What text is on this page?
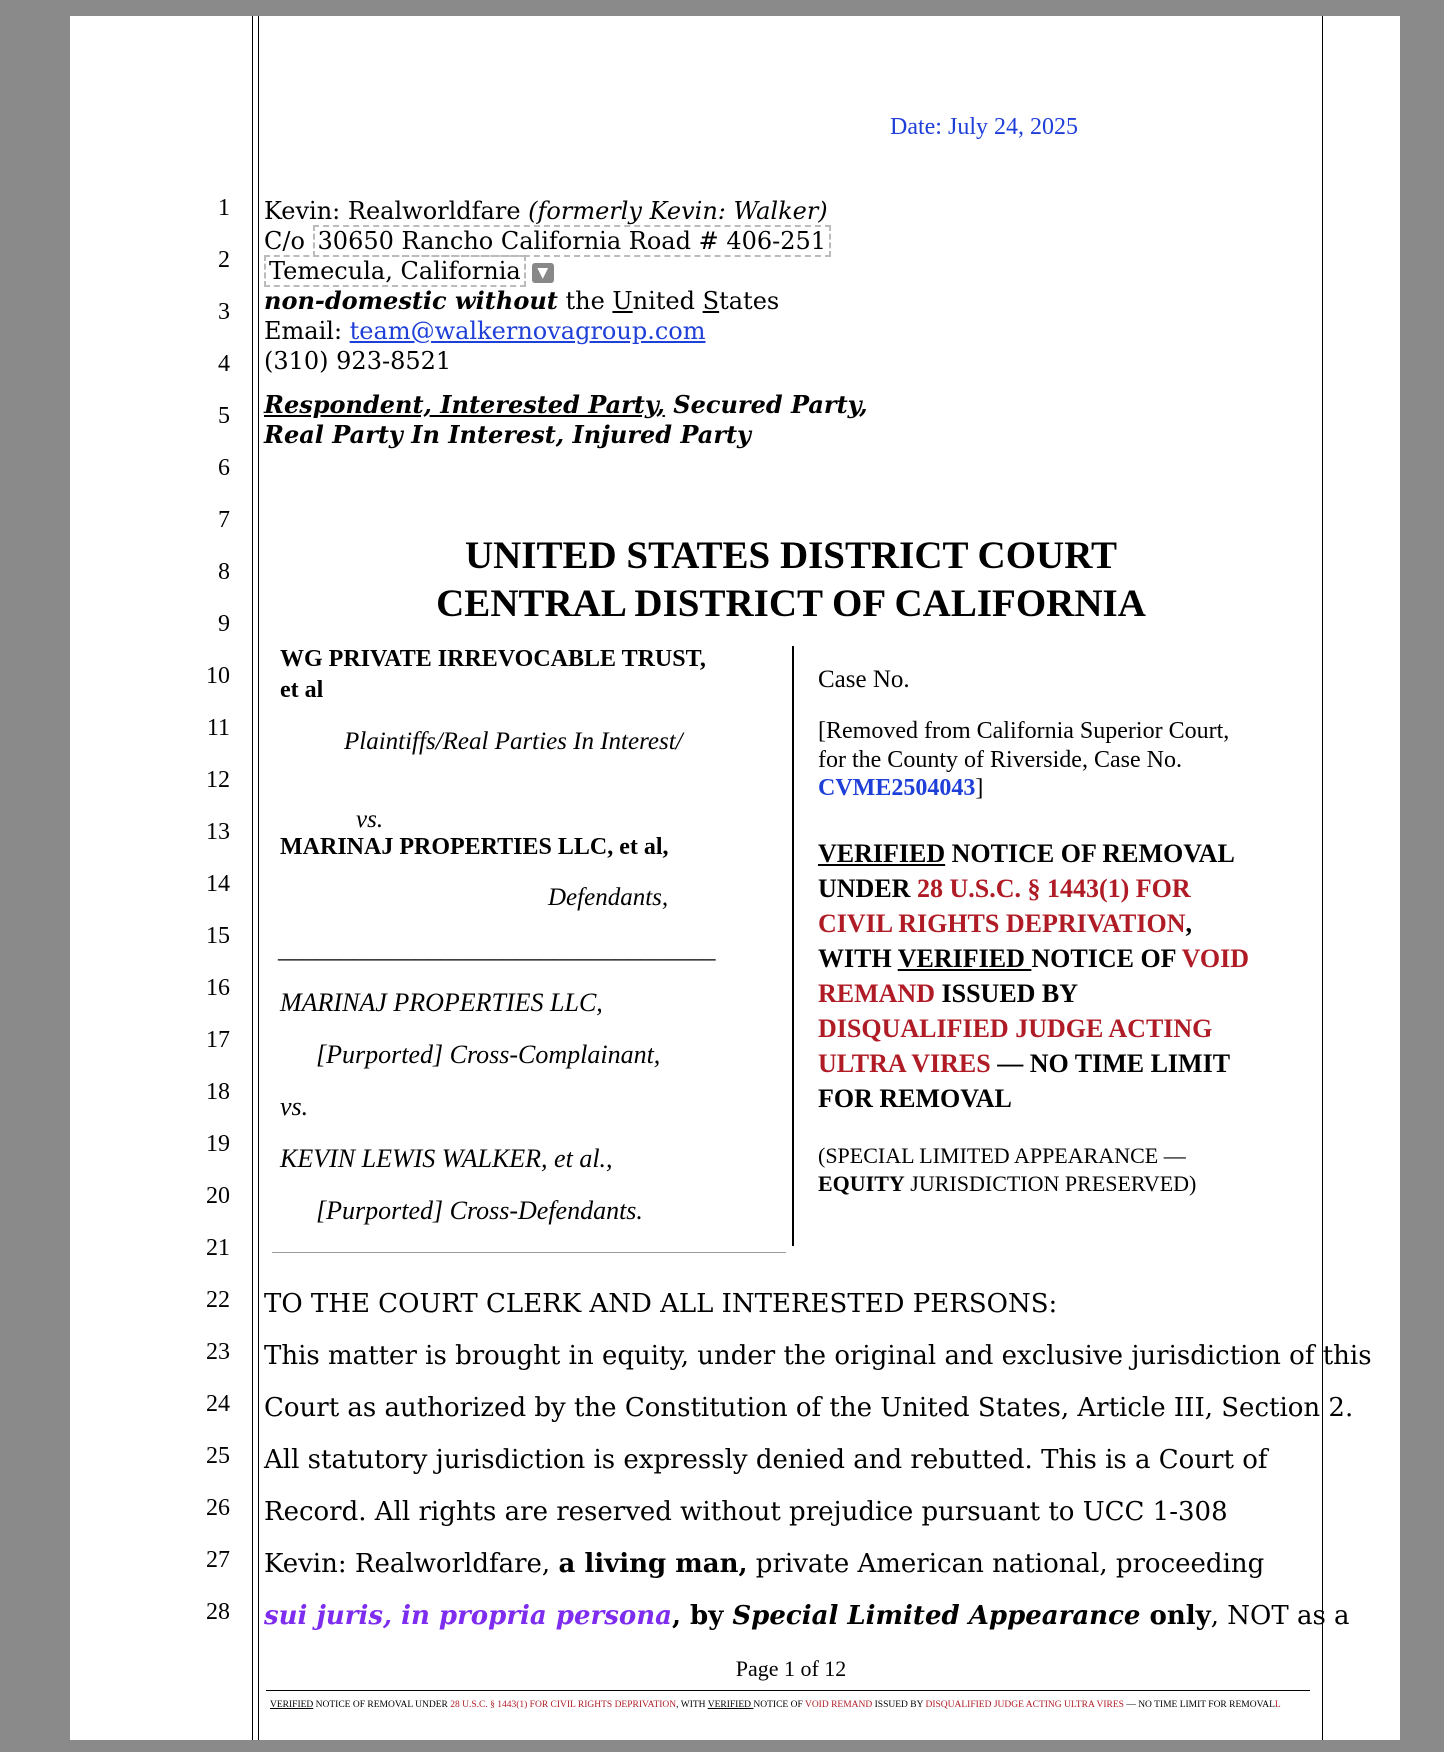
Date: July 24, 2025
1
2
3
4
5
6
7
8
9
10
11
12
13
14
15
16
17
18
19
20
21
22
23
24
25
26
27
28
Kevin: Realworldfare (formerly Kevin: Walker)
C/o 30650 Rancho California Road # 406-251
Temecula, California ▼
non-domestic without the United States
Email: team@walkernovagroup.com
(310) 923-8521
Respondent, Interested Party, Secured Party,
Real Party In Interest, Injured Party
UNITED STATES DISTRICT COURT
CENTRAL DISTRICT OF CALIFORNIA
WG PRIVATE IRREVOCABLE TRUST,
et al
Plaintiffs/Real Parties In Interest/
vs.
MARINAJ PROPERTIES LLC, et al,
Defendants,
___________________________________
MARINAJ PROPERTIES LLC,
[Purported] Cross-Complainant,
vs.
KEVIN LEWIS WALKER, et al.,
[Purported] Cross-Defendants.
Case No.
[Removed from California Superior Court,
for the County of Riverside, Case No.
CVME2504043]
VERIFIED NOTICE OF REMOVAL
UNDER 28 U.S.C. § 1443(1) FOR
CIVIL RIGHTS DEPRIVATION,
WITH VERIFIED NOTICE OF VOID
REMAND ISSUED BY
DISQUALIFIED JUDGE ACTING
ULTRA VIRES — NO TIME LIMIT
FOR REMOVAL
(SPECIAL LIMITED APPEARANCE —
EQUITY JURISDICTION PRESERVED)
TO THE COURT CLERK AND ALL INTERESTED PERSONS:
This matter is brought in equity, under the original and exclusive jurisdiction of this
Court as authorized by the Constitution of the United States, Article III, Section 2.
All statutory jurisdiction is expressly denied and rebutted. This is a Court of
Record. All rights are reserved without prejudice pursuant to UCC 1-308
Kevin: Realworldfare, a living man, private American national, proceeding
sui juris, in propria persona, by Special Limited Appearance only, NOT as a
Page 1 of 12
VERIFIED NOTICE OF REMOVAL UNDER 28 U.S.C. § 1443(1) FOR CIVIL RIGHTS DEPRIVATION, WITH VERIFIED NOTICE OF VOID REMAND ISSUED BY DISQUALIFIED JUDGE ACTING ULTRA VIRES — NO TIME LIMIT FOR REMOVALL
